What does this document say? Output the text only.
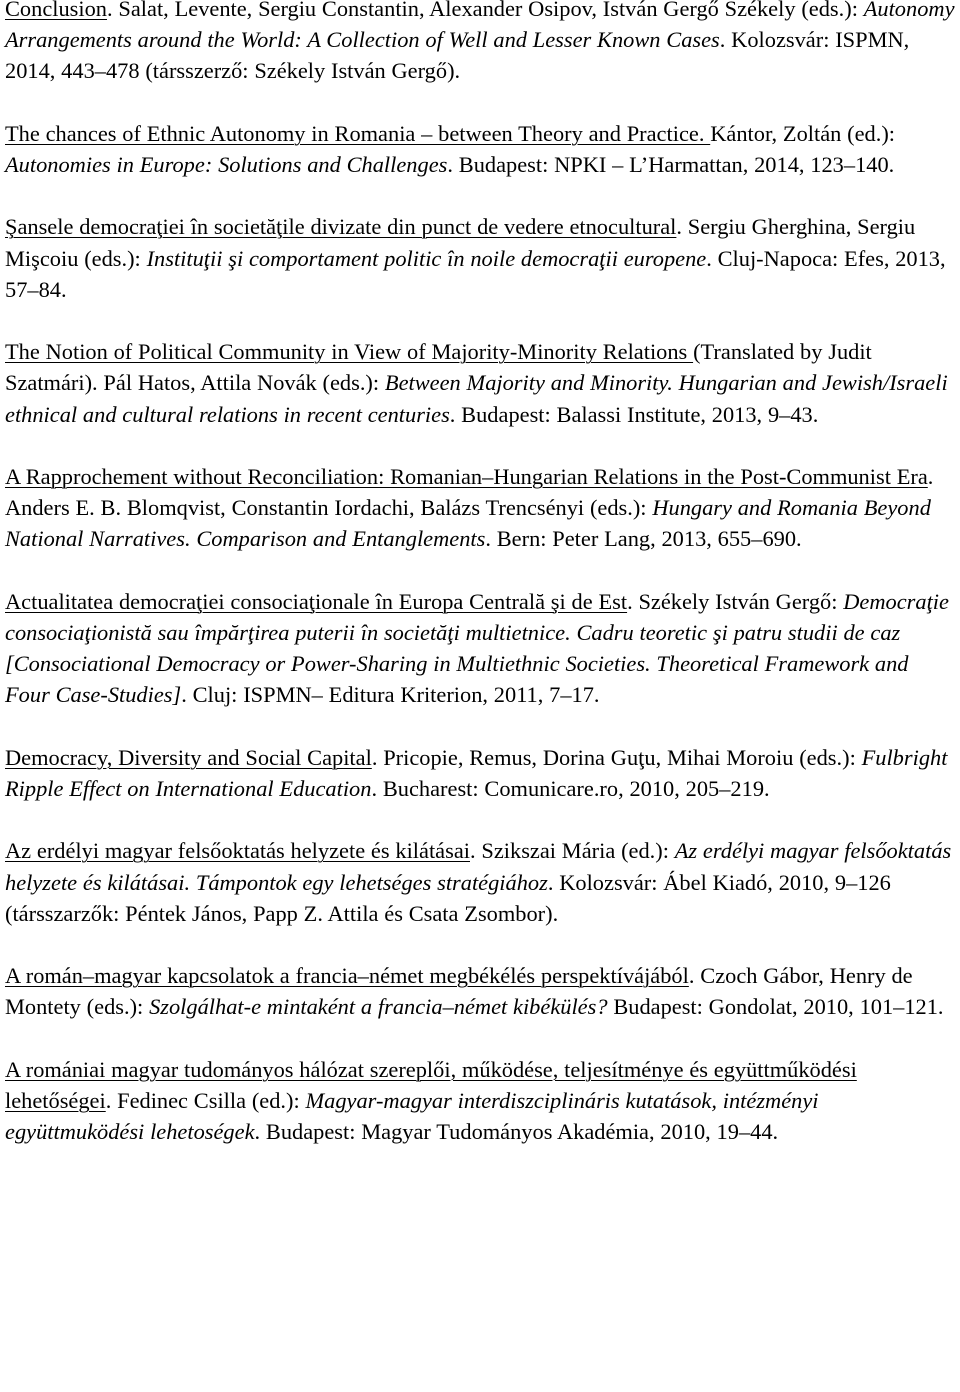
Conclusion. Salat, Levente, Sergiu Constantin, Alexander Osipov, István Gergő Székely (eds.): Autonomy Arrangements around the World: A Collection of Well and Lesser Known Cases. Kolozsvár: ISPMN, 2014, 443–478 (társszerző: Székely István Gergő).

The chances of Ethnic Autonomy in Romania – between Theory and Practice. Kántor, Zoltán (ed.): Autonomies in Europe: Solutions and Challenges. Budapest: NPKI – L’Harmattan, 2014, 123–140.

Şansele democraţiei în societăţile divizate din punct de vedere etnocultural. Sergiu Gherghina, Sergiu Mişcoiu (eds.): Instituţii şi comportament politic în noile democraţii europene. Cluj-Napoca: Efes, 2013, 57–84.

The Notion of Political Community in View of Majority-Minority Relations (Translated by Judit Szatmári). Pál Hatos, Attila Novák (eds.): Between Majority and Minority. Hungarian and Jewish/Israeli ethnical and cultural relations in recent centuries. Budapest: Balassi Institute, 2013, 9–43.

A Rapprochement without Reconciliation: Romanian–Hungarian Relations in the Post-Communist Era. Anders E. B. Blomqvist, Constantin Iordachi, Balázs Trencsényi (eds.): Hungary and Romania Beyond National Narratives. Comparison and Entanglements. Bern: Peter Lang, 2013, 655–690.

Actualitatea democraţiei consociaţionale în Europa Centrală şi de Est. Székely István Gergő: Democraţie consociaţionistă sau împărţirea puterii în societăţi multietnice. Cadru teoretic şi patru studii de caz [Consociational Democracy or Power-Sharing in Multiethnic Societies. Theoretical Framework and Four Case-Studies]. Cluj: ISPMN– Editura Kriterion, 2011, 7–17.

Democracy, Diversity and Social Capital. Pricopie, Remus, Dorina Guţu, Mihai Moroiu (eds.): Fulbright Ripple Effect on International Education. Bucharest: Comunicare.ro, 2010, 205–219.

Az erdélyi magyar felsőoktatás helyzete és kilátásai. Szikszai Mária (ed.): Az erdélyi magyar felsőoktatás helyzete és kilátásai. Támpontok egy lehetséges stratégiához. Kolozsvár: Ábel Kiadó, 2010, 9–126 (társszarzők: Péntek János, Papp Z. Attila és Csata Zsombor).

A román–magyar kapcsolatok a francia–német megbékélés perspektívájából. Czoch Gábor, Henry de Montety (eds.): Szolgálhat-e mintaként a francia–német kibékülés? Budapest: Gondolat, 2010, 101–121.

A romániai magyar tudományos hálózat szereplői, működése, teljesítménye és együttműködési lehetőségei. Fedinec Csilla (ed.): Magyar-magyar interdiszciplináris kutatások, intézményi együttmuködési lehetoségek. Budapest: Magyar Tudományos Akadémia, 2010, 19–44.
